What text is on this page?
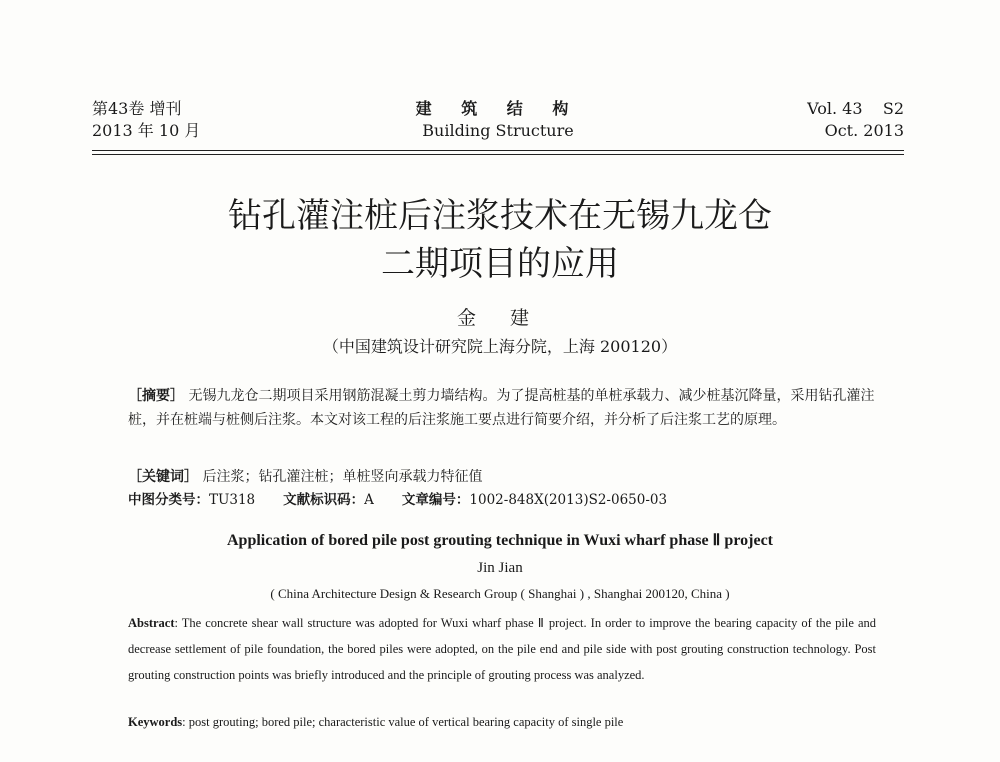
第43卷 增刊
2013 年 10 月
建 筑 结 构
Building Structure
Vol. 43    S2
Oct. 2013
钻孔灌注桩后注浆技术在无锡九龙仓
二期项目的应用
金 建
（中国建筑设计研究院上海分院，上海 200120）
［摘要］ 无锡九龙仓二期项目采用钢筋混凝土剪力墙结构。为了提高桩基的单桩承载力、减少桩基沉降量，采用钻孔灌注桩，并在桩端与桩侧后注浆。本文对该工程的后注浆施工要点进行简要介绍，并分析了后注浆工艺的原理。
［关键词］ 后注浆；钻孔灌注桩；单桩竖向承载力特征值
中图分类号：TU318 文献标识码：A 文章编号：1002-848X(2013)S2-0650-03
Application of bored pile post grouting technique in Wuxi wharf phase Ⅱ project
Jin Jian
( China Architecture Design & Research Group ( Shanghai ) , Shanghai 200120, China )
Abstract: The concrete shear wall structure was adopted for Wuxi wharf phase Ⅱ project. In order to improve the bearing capacity of the pile and decrease settlement of pile foundation, the bored piles were adopted, on the pile end and pile side with post grouting construction technology. Post grouting construction points was briefly introduced and the principle of grouting process was analyzed.
Keywords: post grouting; bored pile; characteristic value of vertical bearing capacity of single pile
